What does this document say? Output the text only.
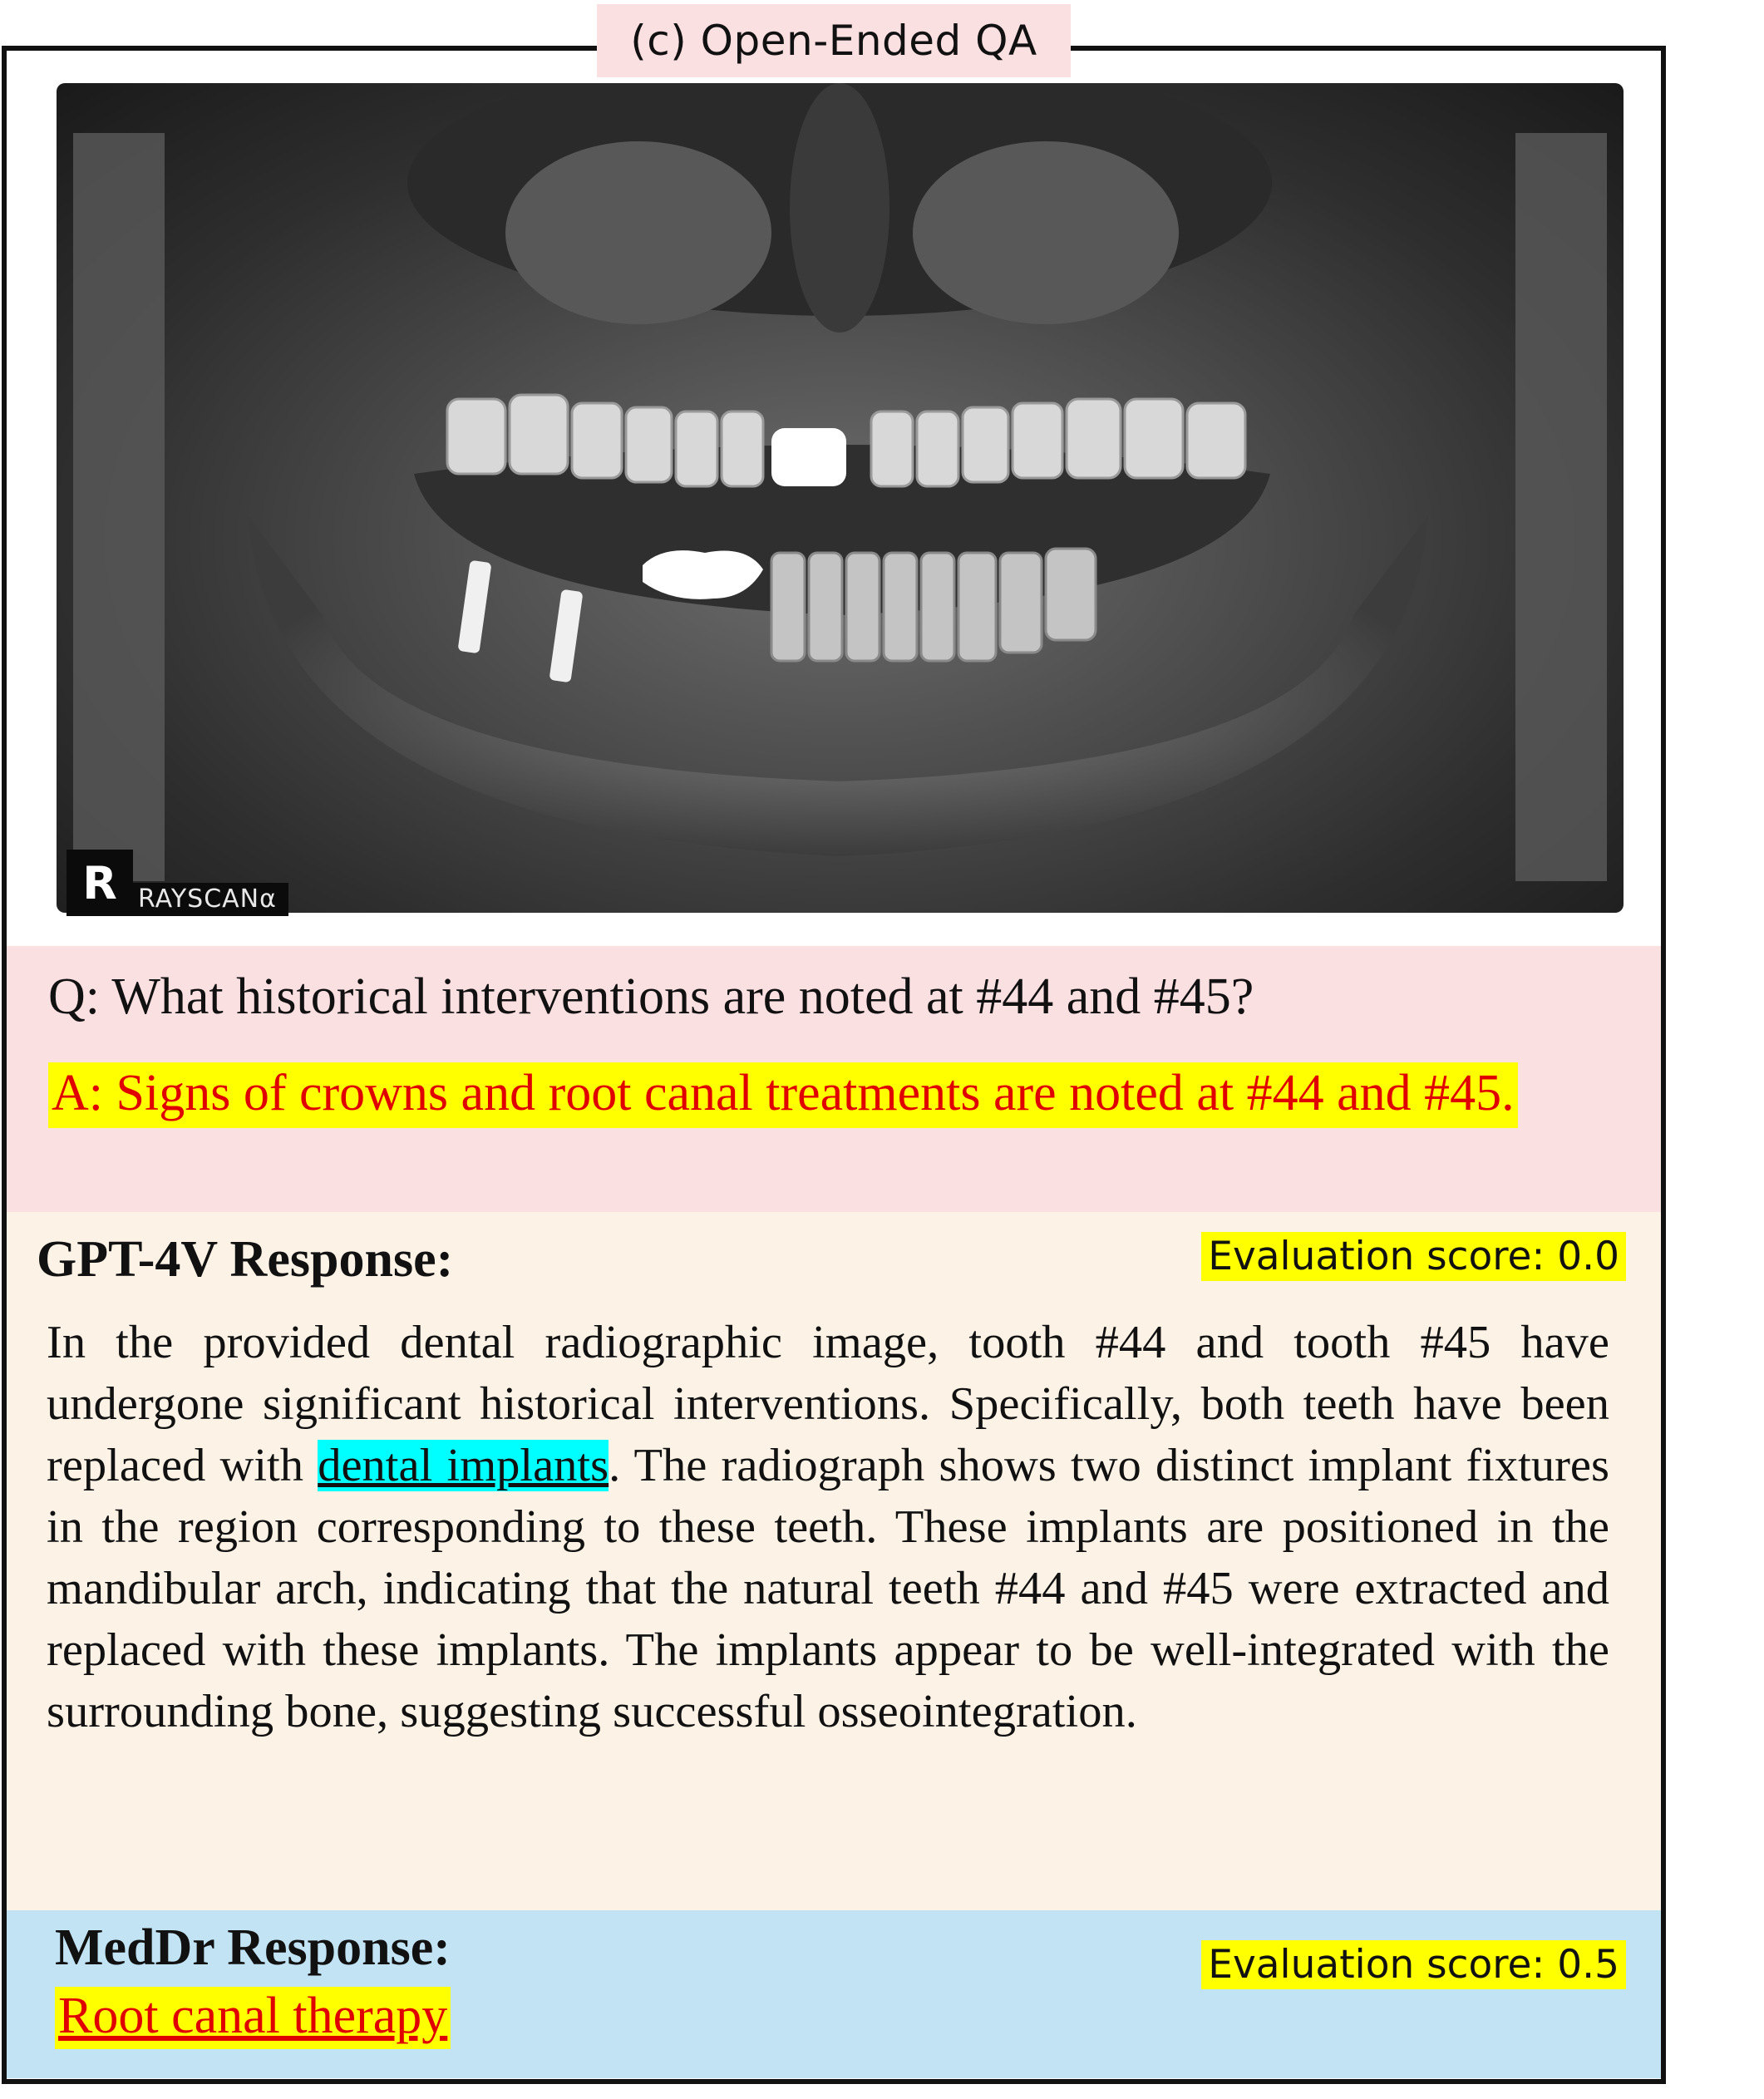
(c) Open-Ended QA
R RAYSCANα
Q: What historical interventions are noted at #44 and #45?
A: Signs of crowns and root canal treatments are noted at #44 and #45.
GPT-4V Response:	Evaluation score: 0.0
In the provided dental radiographic image, tooth #44 and tooth #45 have undergone significant historical interventions. Specifically, both teeth have been replaced with dental implants. The radiograph shows two distinct implant fixtures in the region corresponding to these teeth. These implants are positioned in the mandibular arch, indicating that the natural teeth #44 and #45 were extracted and replaced with these implants. The implants appear to be well-integrated with the surrounding bone, suggesting successful osseointegration.
MedDr Response:
Root canal therapy
Evaluation score: 0.5
